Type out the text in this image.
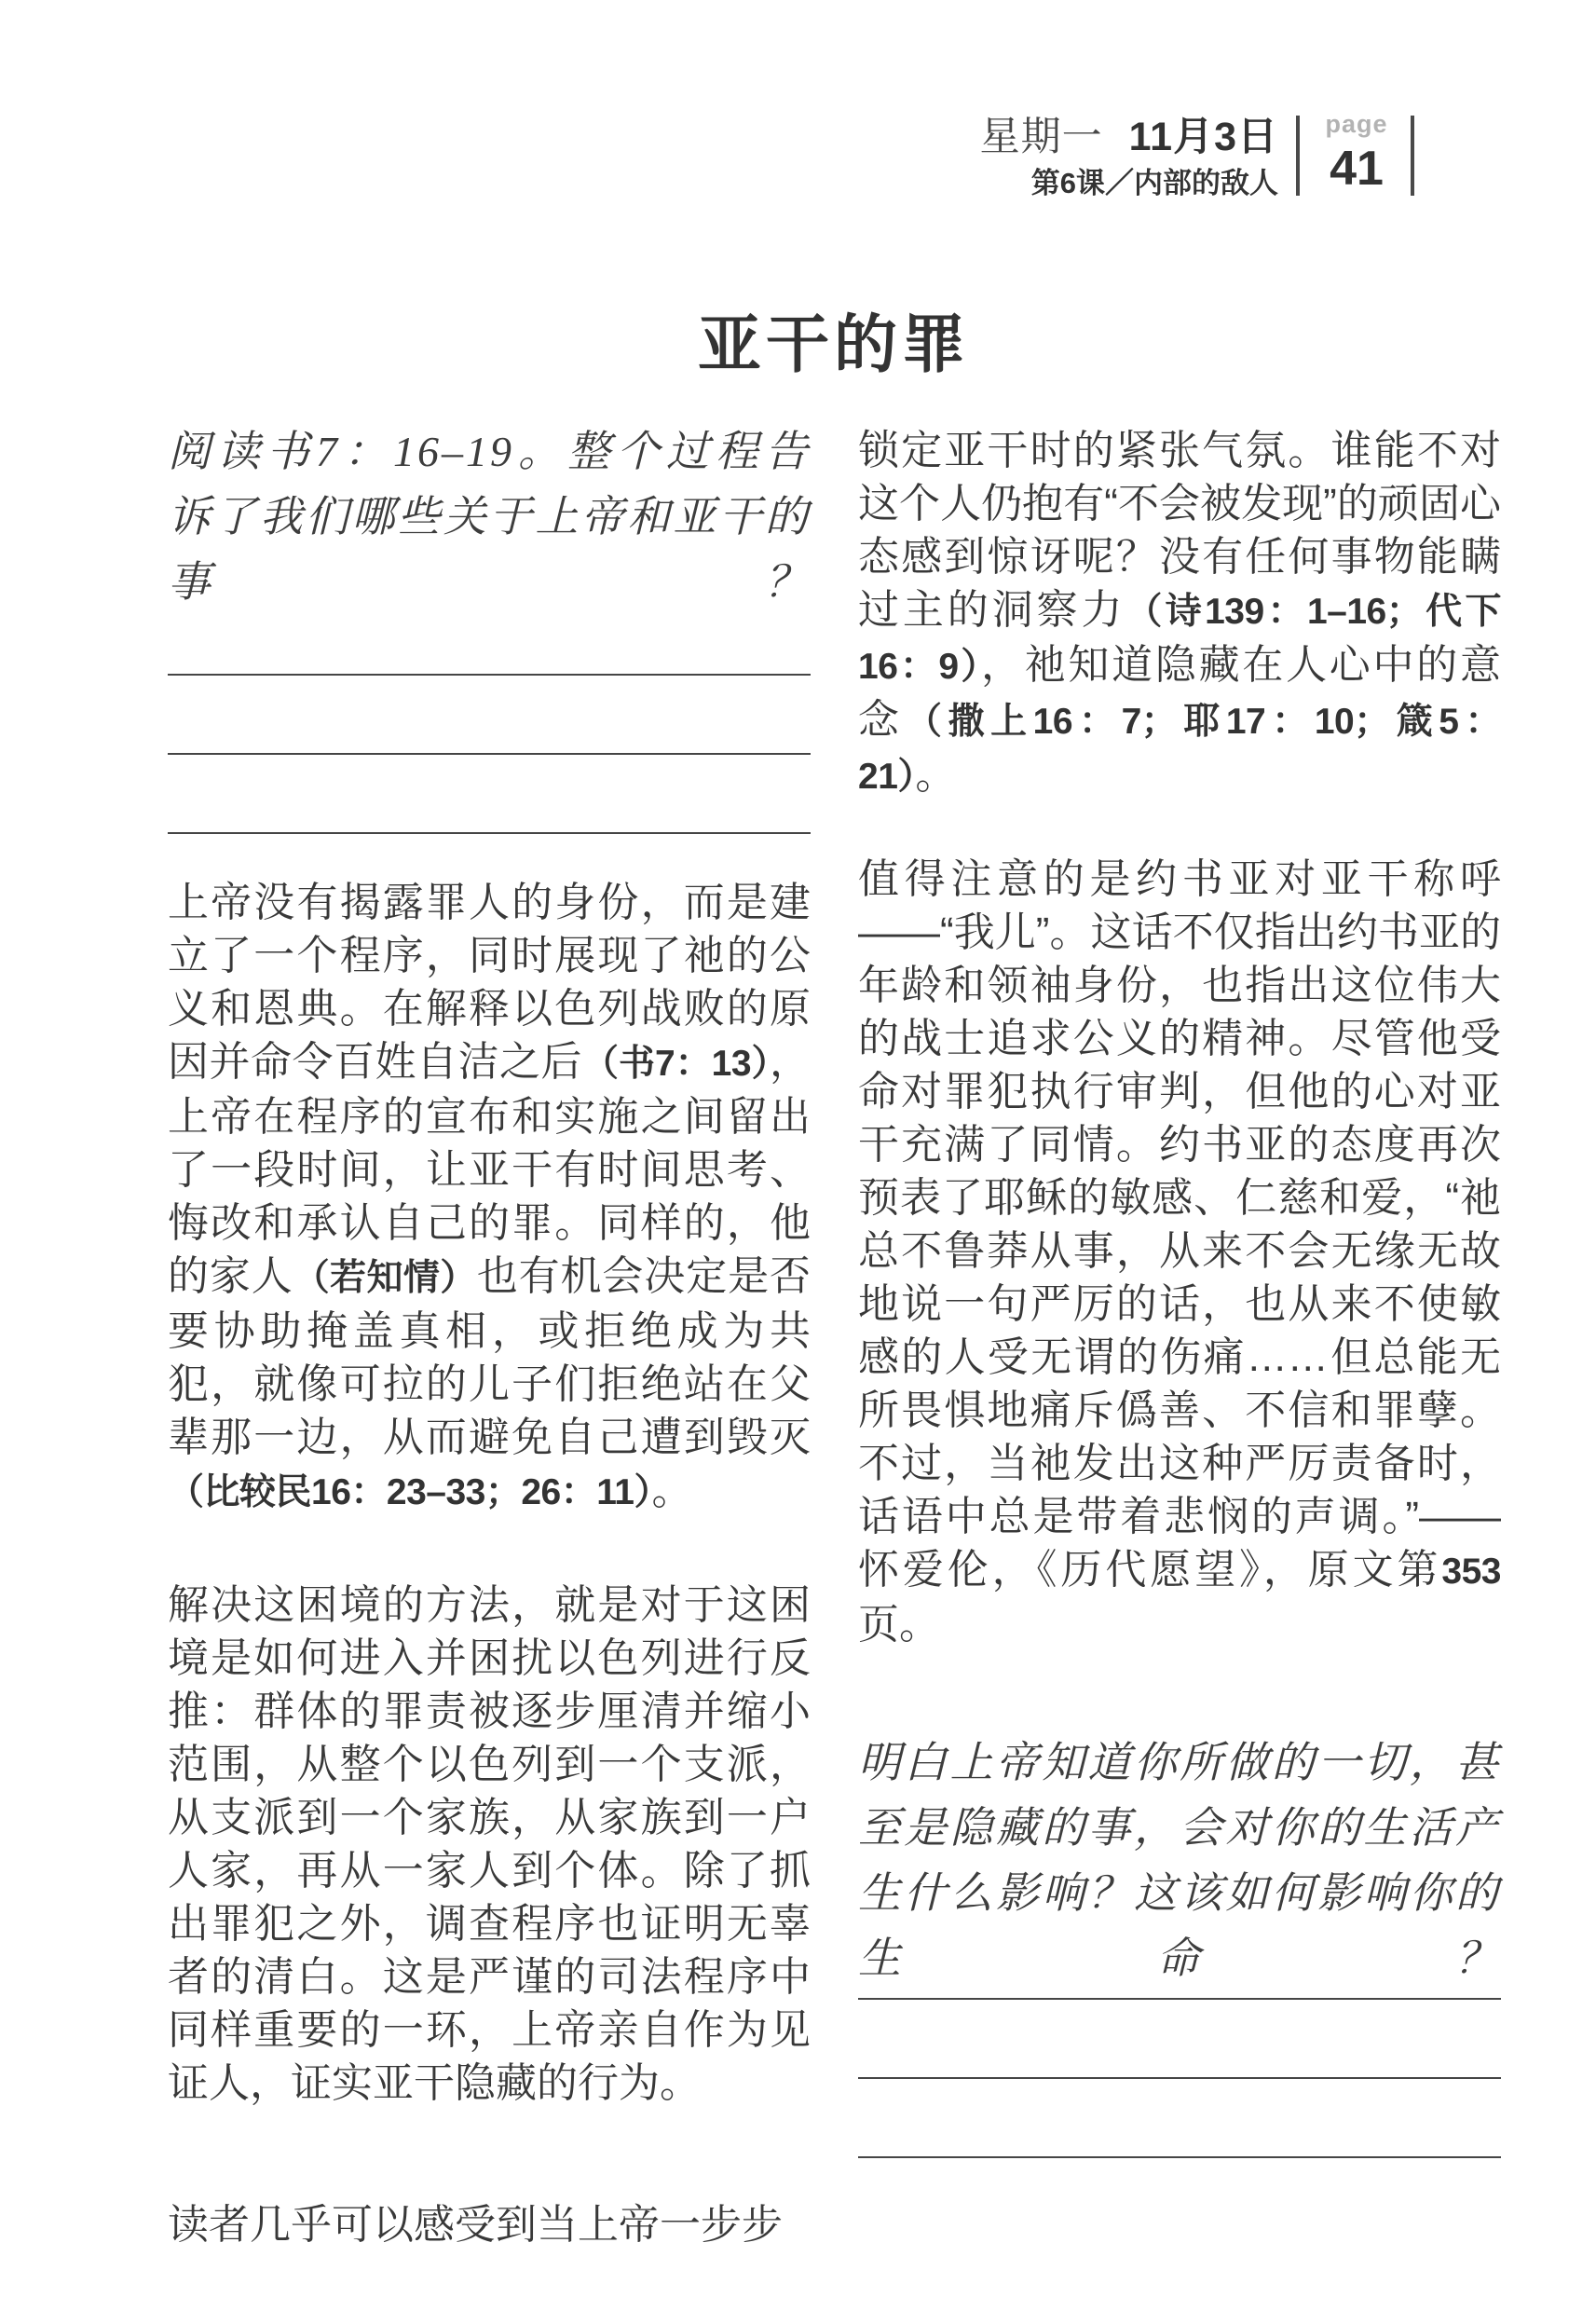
星期一 11月3日
第6课／内部的敌人
page
41
亚干的罪
阅读书7：16–19。整个过程告诉了我们哪些关于上帝和亚干的事？
上帝没有揭露罪人的身份，而是建立了一个程序，同时展现了祂的公义和恩典。在解释以色列战败的原因并命令百姓自洁之后（书7：13），上帝在程序的宣布和实施之间留出了一段时间，让亚干有时间思考、悔改和承认自己的罪。同样的，他的家人（若知情）也有机会决定是否要协助掩盖真相，或拒绝成为共犯，就像可拉的儿子们拒绝站在父辈那一边，从而避免自己遭到毁灭（比较民16：23–33；26：11）。
解决这困境的方法，就是对于这困境是如何进入并困扰以色列进行反推：群体的罪责被逐步厘清并缩小范围，从整个以色列到一个支派，从支派到一个家族，从家族到一户人家，再从一家人到个体。除了抓出罪犯之外，调查程序也证明无辜者的清白。这是严谨的司法程序中同样重要的一环，上帝亲自作为见证人，证实亚干隐藏的行为。
读者几乎可以感受到当上帝一步步
锁定亚干时的紧张气氛。谁能不对这个人仍抱有“不会被发现”的顽固心态感到惊讶呢？没有任何事物能瞒过主的洞察力（诗139：1–16；代下16：9），祂知道隐藏在人心中的意念（撒上16：7；耶17：10；箴5：21）。
值得注意的是约书亚对亚干称呼——“我儿”。这话不仅指出约书亚的年龄和领袖身份，也指出这位伟大的战士追求公义的精神。尽管他受命对罪犯执行审判，但他的心对亚干充满了同情。约书亚的态度再次预表了耶稣的敏感、仁慈和爱，“祂总不鲁莽从事，从来不会无缘无故地说一句严厉的话，也从来不使敏感的人受无谓的伤痛……但总能无所畏惧地痛斥僞善、不信和罪孽。不过，当祂发出这种严厉责备时，话语中总是带着悲悯的声调。”——怀爱伦，《历代愿望》，原文第353页。
明白上帝知道你所做的一切，甚至是隐藏的事，会对你的生活产生什么影响？这该如何影响你的生命？
